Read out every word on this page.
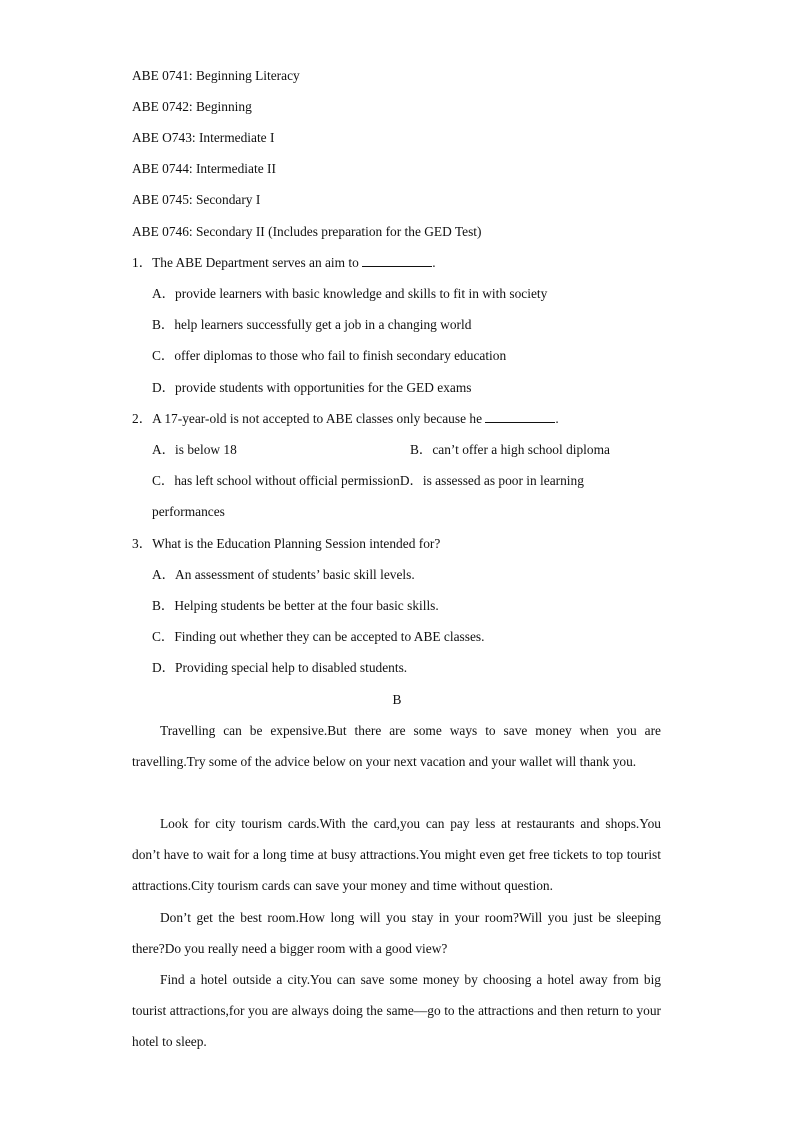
ABE 0741: Beginning Literacy
ABE 0742: Beginning
ABE O743: Intermediate I
ABE 0744: Intermediate II
ABE 0745: Secondary I
ABE 0746: Secondary II (Includes preparation for the GED Test)
1．The ABE Department serves an aim to	.
A．provide learners with basic knowledge and skills to fit in with society
B．help learners successfully get a job in a changing world
C．offer diplomas to those who fail to finish secondary education
D．provide students with opportunities for the GED exams
2．A 17-year-old is not accepted to ABE classes only because he	.
A．is below 18	B．can’t offer a high school diploma
C．has left school without official permissionD．is assessed as poor in learning
performances
3．What is the Education Planning Session intended for?
A．An assessment of students’ basic skill levels.
B．Helping students be better at the four basic skills.
C．Finding out whether they can be accepted to ABE classes.
D．Providing special help to disabled students.
B
Travelling can be expensive.But there are some ways to save money when you are travelling.Try some of the advice below on your next vacation and your wallet will thank you.
Look for city tourism cards.With the card,you can pay less at restaurants and shops.You don’t have to wait for a long time at busy attractions.You might even get free tickets to top tourist attractions.City tourism cards can save your money and time without question.
Don’t get the best room.How long will you stay in your room?Will you just be sleeping there?Do you really need a bigger room with a good view?
Find a hotel outside a city.You can save some money by choosing a hotel away from big tourist attractions,for you are always doing the same—go to the attractions and then return to your hotel to sleep.
